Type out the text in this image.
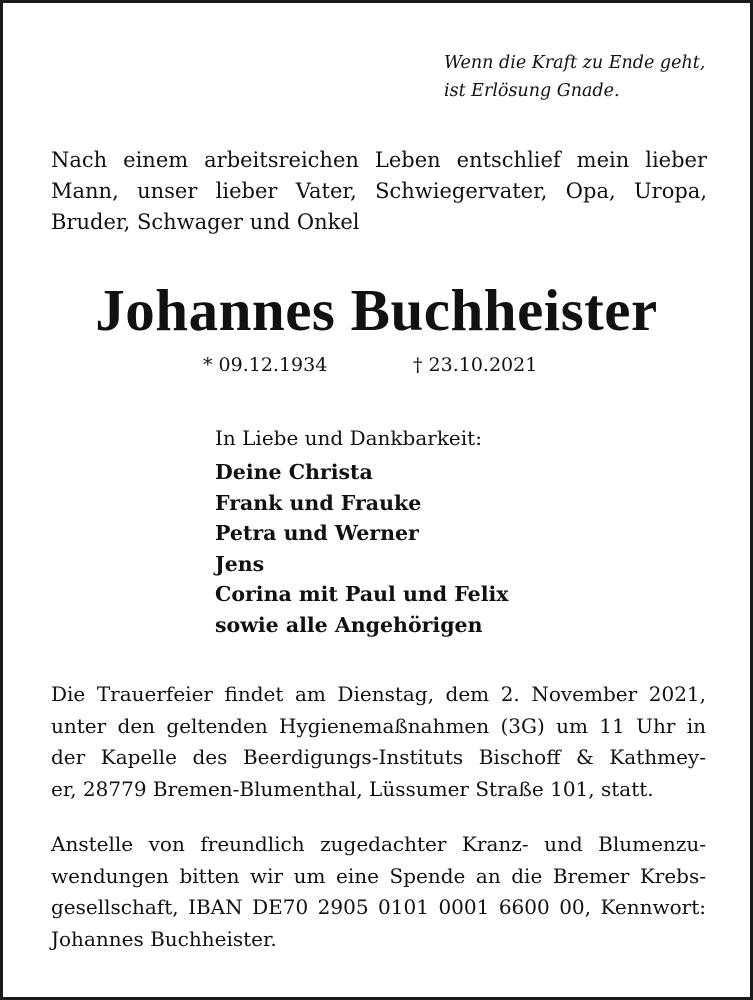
Wenn die Kraft zu Ende geht,
ist Erlösung Gnade.
Nach einem arbeitsreichen Leben entschlief mein lieber
Mann, unser lieber Vater, Schwiegervater, Opa, Uropa,
Bruder, Schwager und Onkel
Johannes Buchheister
* 09.12.1934	† 23.10.2021
In Liebe und Dankbarkeit:
Deine Christa
Frank und Frauke
Petra und Werner
Jens
Corina mit Paul und Felix
sowie alle Angehörigen
Die Trauerfeier findet am Dienstag, dem 2. November 2021,
unter den geltenden Hygienemaßnahmen (3G) um 11 Uhr in
der Kapelle des Beerdigungs-Instituts Bischoff & Kathmey-
er, 28779 Bremen-Blumenthal, Lüssumer Straße 101, statt.
Anstelle von freundlich zugedachter Kranz- und Blumenzu-
wendungen bitten wir um eine Spende an die Bremer Krebs-
gesellschaft, IBAN DE70 2905 0101 0001 6600 00, Kennwort:
Johannes Buchheister.
